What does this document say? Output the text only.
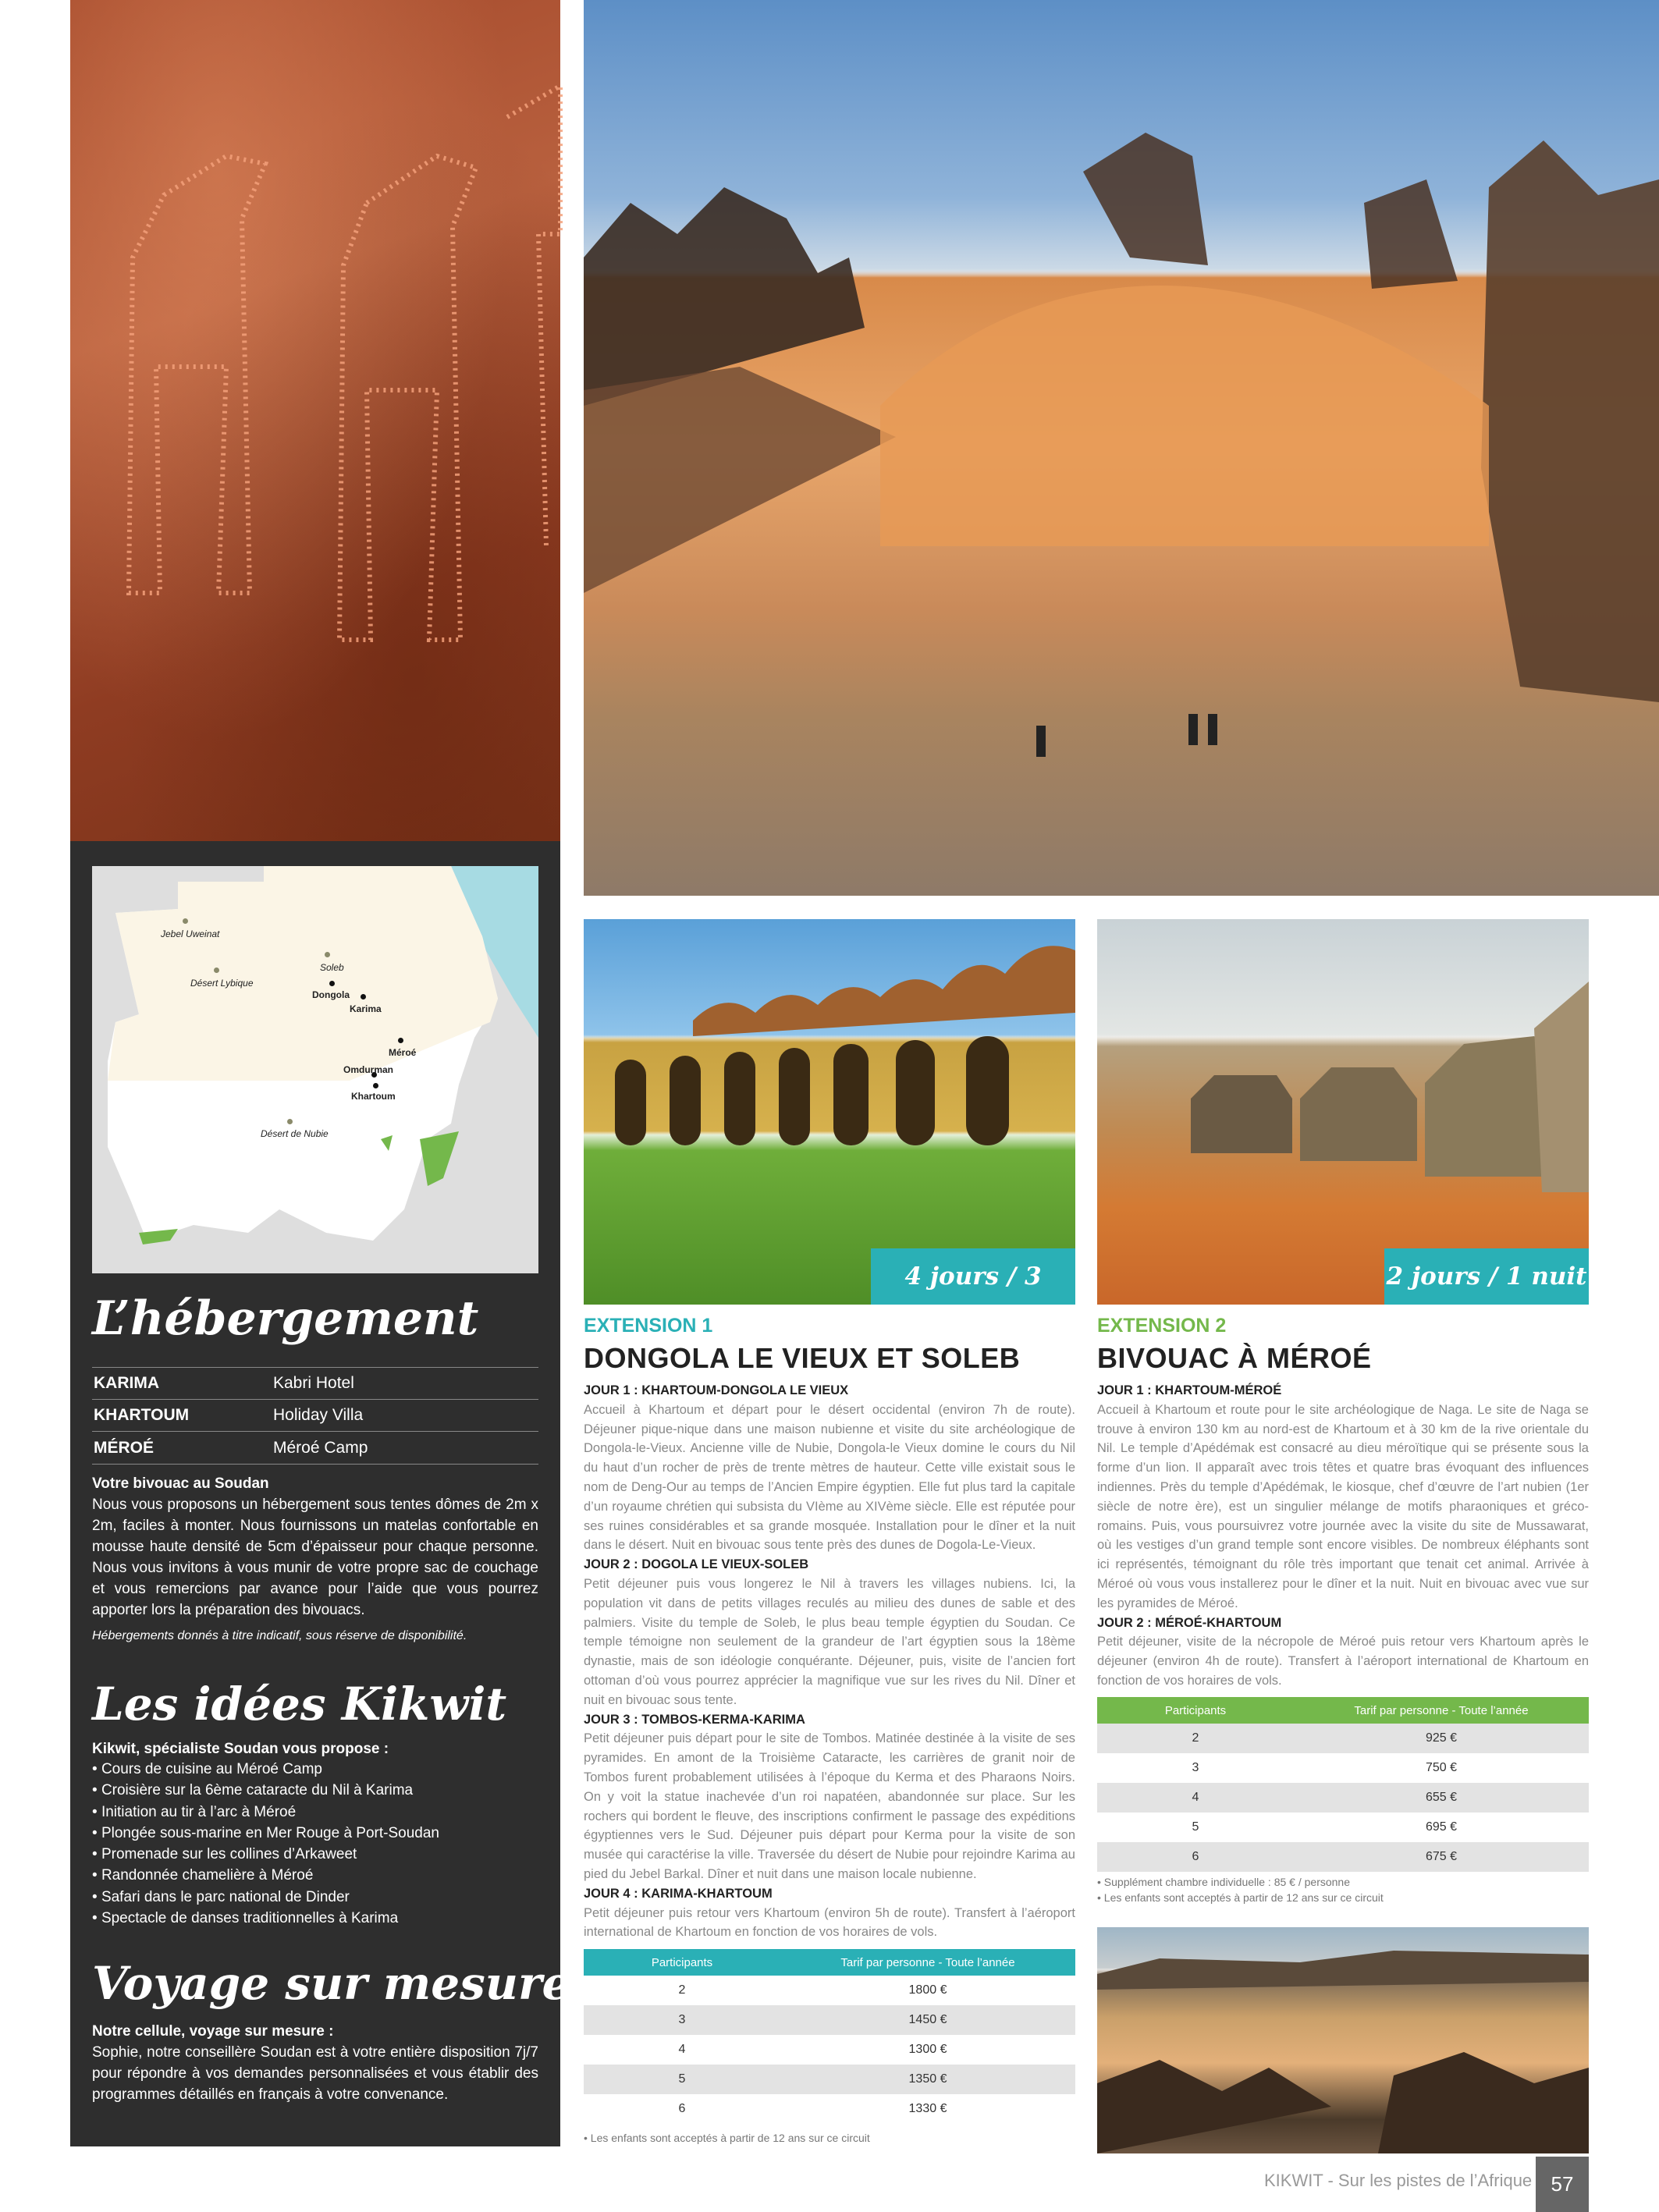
Jebel Uweinat
Désert Lybique
Soleb
Dongola
Karima
Méroé
Omdurman
Khartoum
Désert de Nubie
L’hébergement
KARIMA	Kabri Hotel
KHARTOUM	Holiday Villa
MÉROÉ	Méroé Camp
Votre bivouac au Soudan
Nous vous proposons un hébergement sous tentes dômes de 2m x 2m, faciles à monter. Nous fournissons un matelas confortable en mousse haute densité de 5cm d’épaisseur pour chaque personne. Nous vous invitons à vous munir de votre propre sac de couchage et vous remercions par avance pour l’aide que vous pourrez apporter lors la préparation des bivouacs.
Hébergements donnés à titre indicatif, sous réserve de disponibilité.
Les idées Kikwit
Kikwit, spécialiste Soudan vous propose :
• Cours de cuisine au Méroé Camp
• Croisière sur la 6ème cataracte du Nil à Karima
• Initiation au tir à l’arc à Méroé
• Plongée sous-marine en Mer Rouge à Port-Soudan
• Promenade sur les collines d’Arkaweet
• Randonnée chamelière à Méroé
• Safari dans le parc national de Dinder
• Spectacle de danses traditionnelles à Karima
Voyage sur mesure
Notre cellule, voyage sur mesure :
Sophie, notre conseillère Soudan est à votre entière disposition 7j/7 pour répondre à vos demandes personnalisées et vous établir des programmes détaillés en français à votre convenance.
4 jours / 3 nuits
EXTENSION 1
DONGOLA LE VIEUX ET SOLEB

JOUR 1 : KHARTOUM-DONGOLA LE VIEUX

Accueil à Khartoum et départ pour le désert occidental (environ 7h de route). Déjeuner pique-nique dans une maison nubienne et visite du site archéologique de Dongola-le-Vieux. Ancienne ville de Nubie, Dongola-le Vieux domine le cours du Nil du haut d’un rocher de près de trente mètres de hauteur. Cette ville existait sous le nom de Deng-Our au temps de l’Ancien Empire égyptien. Elle fut plus tard la capitale d’un royaume chrétien qui subsista du VIème au XIVème siècle. Elle est réputée pour ses ruines considérables et sa grande mosquée. Installation pour le dîner et la nuit dans le désert. Nuit en bivouac sous tente près des dunes de Dogola-Le-Vieux.

JOUR 2 : DOGOLA LE VIEUX-SOLEB

Petit déjeuner puis vous longerez le Nil à travers les villages nubiens. Ici, la population vit dans de petits villages reculés au milieu des dunes de sable et des palmiers. Visite du temple de Soleb, le plus beau temple égyptien du Soudan. Ce temple témoigne non seulement de la grandeur de l’art égyptien sous la 18ème dynastie, mais de son idéologie conquérante. Déjeuner, puis, visite de l’ancien fort ottoman d’où vous pourrez apprécier la magnifique vue sur les rives du Nil. Dîner et nuit en bivouac sous tente.

JOUR 3 : TOMBOS-KERMA-KARIMA

Petit déjeuner puis départ pour le site de Tombos. Matinée destinée à la visite de ses pyramides. En amont de la Troisième Cataracte, les carrières de granit noir de Tombos furent probablement utilisées à l’époque du Kerma et des Pharaons Noirs. On y voit la statue inachevée d’un roi napatéen, abandonnée sur place. Sur les rochers qui bordent le fleuve, des inscriptions confirment le passage des expéditions égyptiennes vers le Sud. Déjeuner puis départ pour Kerma pour la visite de son musée qui caractérise la ville. Traversée du désert de Nubie pour rejoindre Karima au pied du Jebel Barkal. Dîner et nuit dans une maison locale nubienne.

JOUR 4 : KARIMA-KHARTOUM

Petit déjeuner puis retour vers Khartoum (environ 5h de route). Transfert à l’aéroport international de Khartoum en fonction de vos horaires de vols.

Participants	Tarif par personne - Toute l’année
2	1800 €
3	1450 €
4	1300 €
5	1350 €
6	1330 €
• Les enfants sont acceptés à partir de 12 ans sur ce circuit
2 jours / 1 nuit
EXTENSION 2
BIVOUAC À MÉROÉ

JOUR 1 : KHARTOUM-MÉROÉ

Accueil à Khartoum et route pour le site archéologique de Naga. Le site de Naga se trouve à environ 130 km au nord-est de Khartoum et à 30 km de la rive orientale du Nil. Le temple d’Apédémak est consacré au dieu méroïtique qui se présente sous la forme d’un lion. Il apparaît avec trois têtes et quatre bras évoquant des influences indiennes. Près du temple d’Apédémak, le kiosque, chef d’œuvre de l’art nubien (1er siècle de notre ère), est un singulier mélange de motifs pharaoniques et gréco-romains. Puis, vous poursuivrez votre journée avec la visite du site de Mussawarat, où les vestiges d’un grand temple sont encore visibles. De nombreux éléphants sont ici représentés, témoignant du rôle très important que tenait cet animal. Arrivée à Méroé où vous vous installerez pour le dîner et la nuit. Nuit en bivouac avec vue sur les pyramides de Méroé.

JOUR 2 : MÉROÉ-KHARTOUM

Petit déjeuner, visite de la nécropole de Méroé puis retour vers Khartoum après le déjeuner (environ 4h de route). Transfert à l’aéroport international de Khartoum en fonction de vos horaires de vols.

Participants	Tarif par personne - Toute l’année
2	925 €
3	750 €
4	655 €
5	695 €
6	675 €
• Supplément chambre individuelle : 85 € / personne
• Les enfants sont acceptés à partir de 12 ans sur ce circuit
KIKWIT - Sur les pistes de l’Afrique 57
